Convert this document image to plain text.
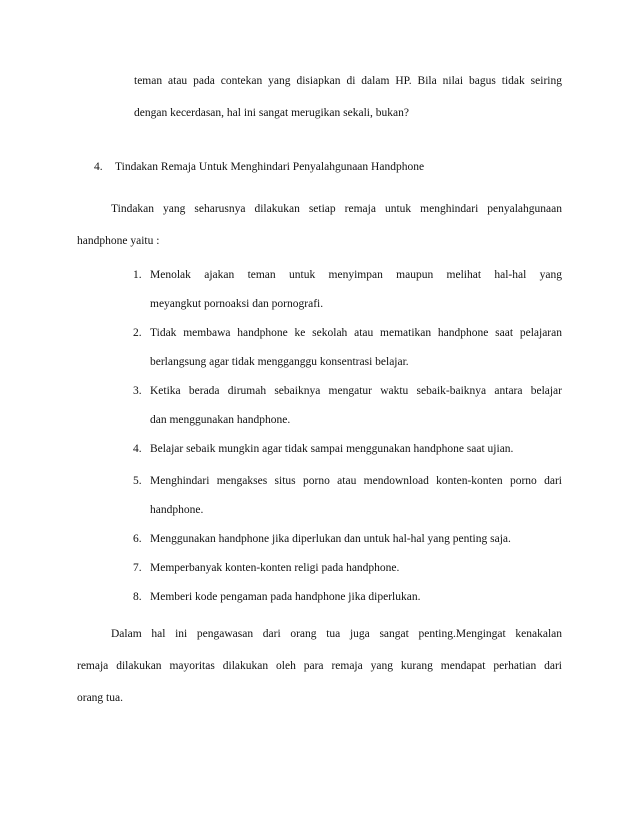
teman atau pada contekan yang disiapkan di dalam HP. Bila nilai bagus tidak seiring
dengan kecerdasan, hal ini sangat merugikan sekali, bukan?
4. Tindakan Remaja Untuk Menghindari Penyalahgunaan Handphone
Tindakan yang seharusnya dilakukan setiap remaja untuk menghindari penyalahgunaan
handphone yaitu :
1. Menolak ajakan teman untuk menyimpan maupun melihat hal-hal yang
meyangkut pornoaksi dan pornografi.
2. Tidak membawa handphone ke sekolah atau mematikan handphone saat pelajaran
berlangsung agar tidak mengganggu konsentrasi belajar.
3. Ketika berada dirumah sebaiknya mengatur waktu sebaik-baiknya antara belajar
dan menggunakan handphone.
4. Belajar sebaik mungkin agar tidak sampai menggunakan handphone saat ujian.
5. Menghindari mengakses situs porno atau mendownload konten-konten porno dari
handphone.
6. Menggunakan handphone jika diperlukan dan untuk hal-hal yang penting saja.
7. Memperbanyak konten-konten religi pada handphone.
8. Memberi kode pengaman pada handphone jika diperlukan.
Dalam hal ini pengawasan dari orang tua juga sangat penting.Mengingat kenakalan
remaja dilakukan mayoritas dilakukan oleh para remaja yang kurang mendapat perhatian dari
orang tua.
